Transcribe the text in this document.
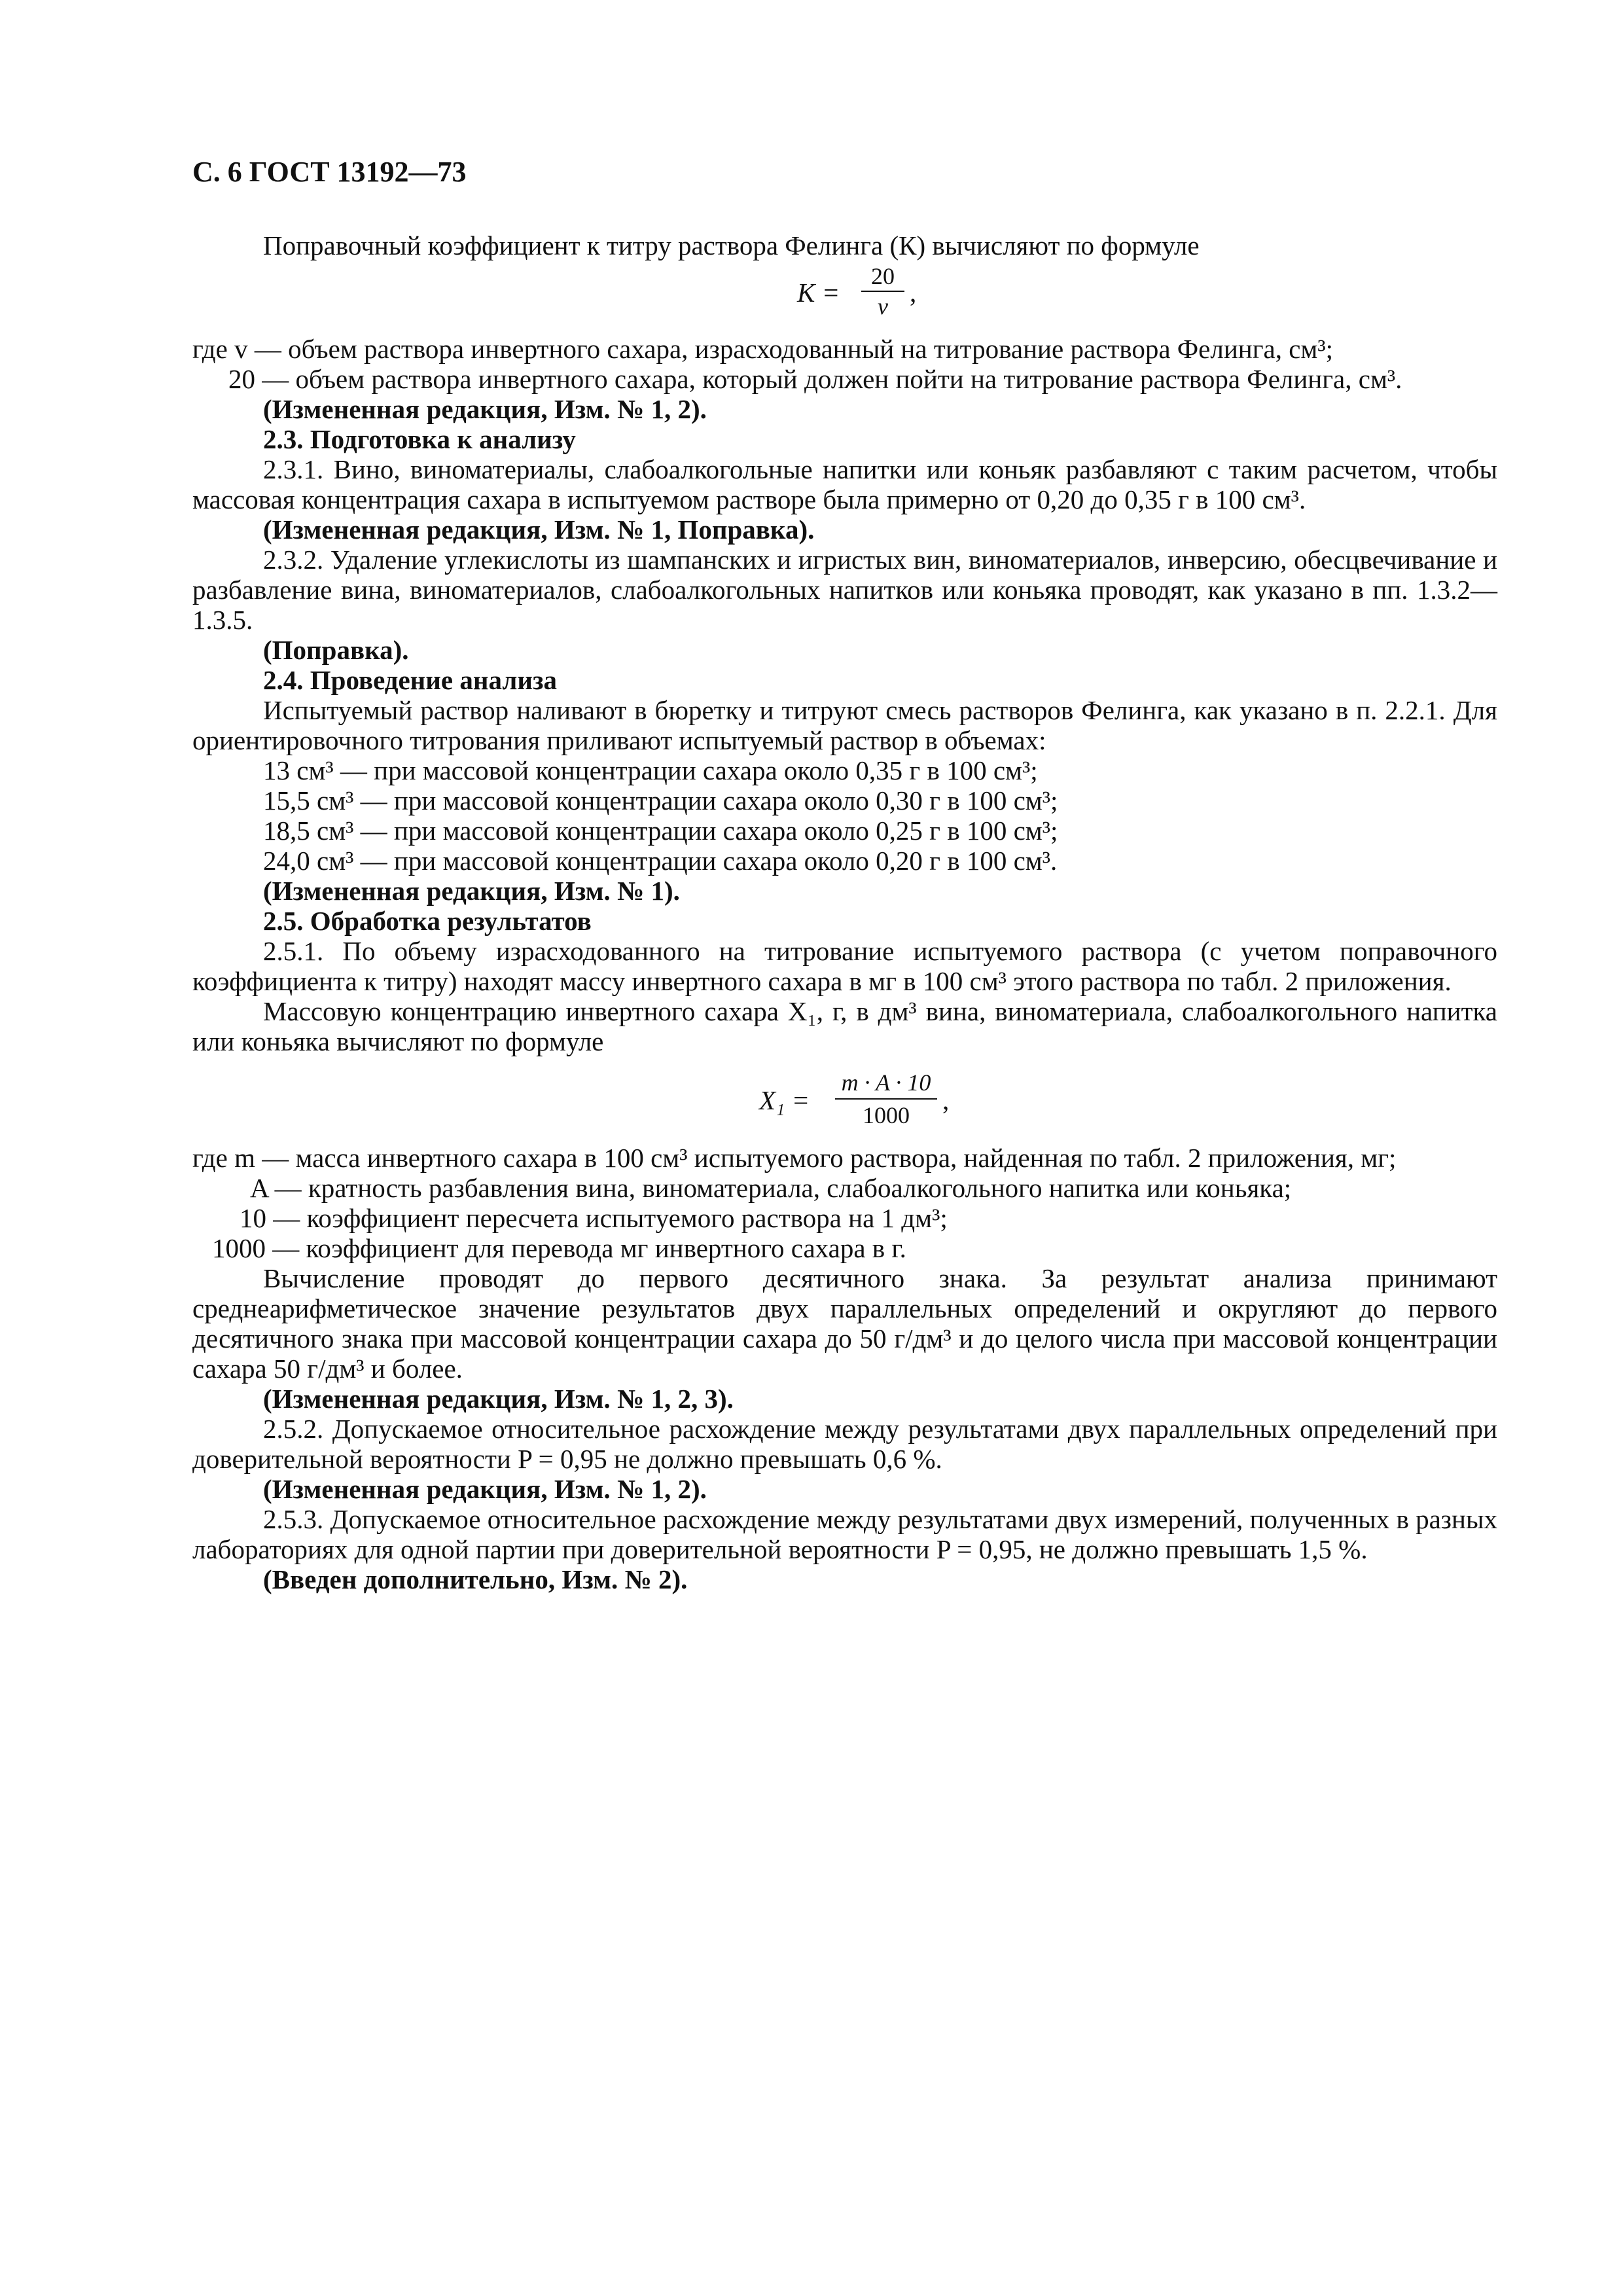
С. 6 ГОСТ 13192—73

Поправочный коэффициент к титру раствора Фелинга (К) вычисляют по формуле

K =
20
v ,
где v — объем раствора инвертного сахара, израсходованный на титрование раствора Фелинга, см³;
20 — объем раствора инвертного сахара, который должен пойти на титрование раствора Фелинга, см³.

(Измененная редакция, Изм. № 1, 2).

2.3. Подготовка к анализу

2.3.1. Вино, виноматериалы, слабоалкогольные напитки или коньяк разбавляют с таким расчетом, чтобы массовая концентрация сахара в испытуемом растворе была примерно от 0,20 до 0,35 г в 100 см³.

(Измененная редакция, Изм. № 1, Поправка).

2.3.2. Удаление углекислоты из шампанских и игристых вин, виноматериалов, инверсию, обесцвечивание и разбавление вина, виноматериалов, слабоалкогольных напитков или коньяка проводят, как указано в пп. 1.3.2—1.3.5.

(Поправка).

2.4. Проведение анализа

Испытуемый раствор наливают в бюретку и титруют смесь растворов Фелинга, как указано в п. 2.2.1. Для ориентировочного титрования приливают испытуемый раствор в объемах:

13 см³ — при массовой концентрации сахара около 0,35 г в 100 см³;

15,5 см³ — при массовой концентрации сахара около 0,30 г в 100 см³;

18,5 см³ — при массовой концентрации сахара около 0,25 г в 100 см³;

24,0 см³ — при массовой концентрации сахара около 0,20 г в 100 см³.

(Измененная редакция, Изм. № 1).

2.5. Обработка результатов

2.5.1. По объему израсходованного на титрование испытуемого раствора (с учетом поправочного коэффициента к титру) находят массу инвертного сахара в мг в 100 см³ этого раствора по табл. 2 приложения.

Массовую концентрацию инвертного сахара X₁, г, в дм³ вина, виноматериала, слабоалкогольного напитка или коньяка вычисляют по формуле

X₁ =
m · A · 10
1000	,
где m — масса инвертного сахара в 100 см³ испытуемого раствора, найденная по табл. 2 приложения, мг;
A — кратность разбавления вина, виноматериала, слабоалкогольного напитка или коньяка;
10 — коэффициент пересчета испытуемого раствора на 1 дм³;
1000 — коэффициент для перевода мг инвертного сахара в г.

Вычисление проводят до первого десятичного знака. За результат анализа принимают среднеарифметическое значение результатов двух параллельных определений и округляют до первого десятичного знака при массовой концентрации сахара до 50 г/дм³ и до целого числа при массовой концентрации сахара 50 г/дм³ и более.

(Измененная редакция, Изм. № 1, 2, 3).

2.5.2. Допускаемое относительное расхождение между результатами двух параллельных определений при доверительной вероятности P = 0,95 не должно превышать 0,6 %.

(Измененная редакция, Изм. № 1, 2).

2.5.3. Допускаемое относительное расхождение между результатами двух измерений, полученных в разных лабораториях для одной партии при доверительной вероятности P = 0,95, не должно превышать 1,5 %.

(Введен дополнительно, Изм. № 2).
